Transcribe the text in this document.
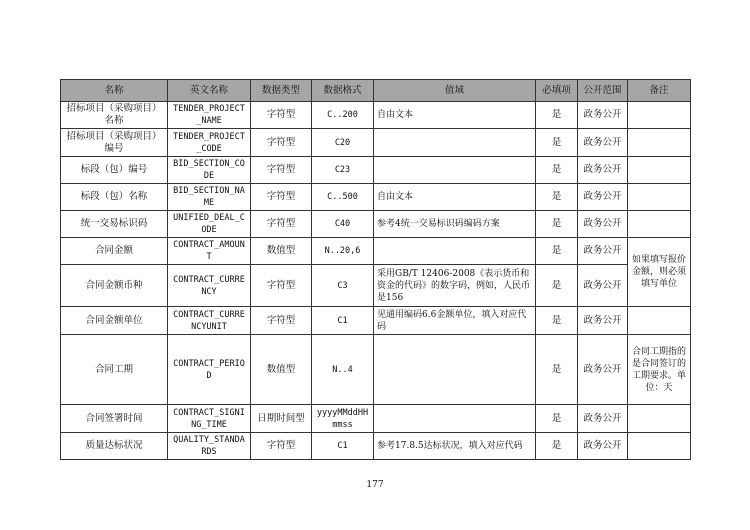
名称	英文名称	数据类型	数据格式	值域	必填项	公开范围	备注
招标项目（采购项目）名称	TENDER_PROJECT_NAME	字符型	C..200	自由文本	是	政务公开	
招标项目（采购项目）编号	TENDER_PROJECT_CODE	字符型	C20		是	政务公开	
标段（包）编号	BID_SECTION_CODE	字符型	C23		是	政务公开	
标段（包）名称	BID_SECTION_NAME	字符型	C..500	自由文本	是	政务公开	
统一交易标识码	UNIFIED_DEAL_CODE	字符型	C40	参考4统一交易标识码编码方案	是	政务公开	
合同金额	CONTRACT_AMOUNT	数值型	N..20,6		是	政务公开	如果填写报价金额，则必须填写单位
合同金额币种	CONTRACT_CURRENCY	字符型	C3	采用GB/T 12406-2008《表示货币和资金的代码》的数字码，例如，人民币是156	是	政务公开	
合同金额单位	CONTRACT_CURRENCYUNIT	字符型	C1	见通用编码6.6金额单位，填入对应代码	是	政务公开	
合同工期	CONTRACT_PERIOD	数值型	N..4		是	政务公开	合同工期指的是合同签订的工期要求。单位：天
合同签署时间	CONTRACT_SIGNING_TIME	日期时间型	yyyyMMddHHmmss		是	政务公开	
质量达标状况	QUALITY_STANDARDS	字符型	C1	参考17.8.5达标状况，填入对应代码	是	政务公开	
177
